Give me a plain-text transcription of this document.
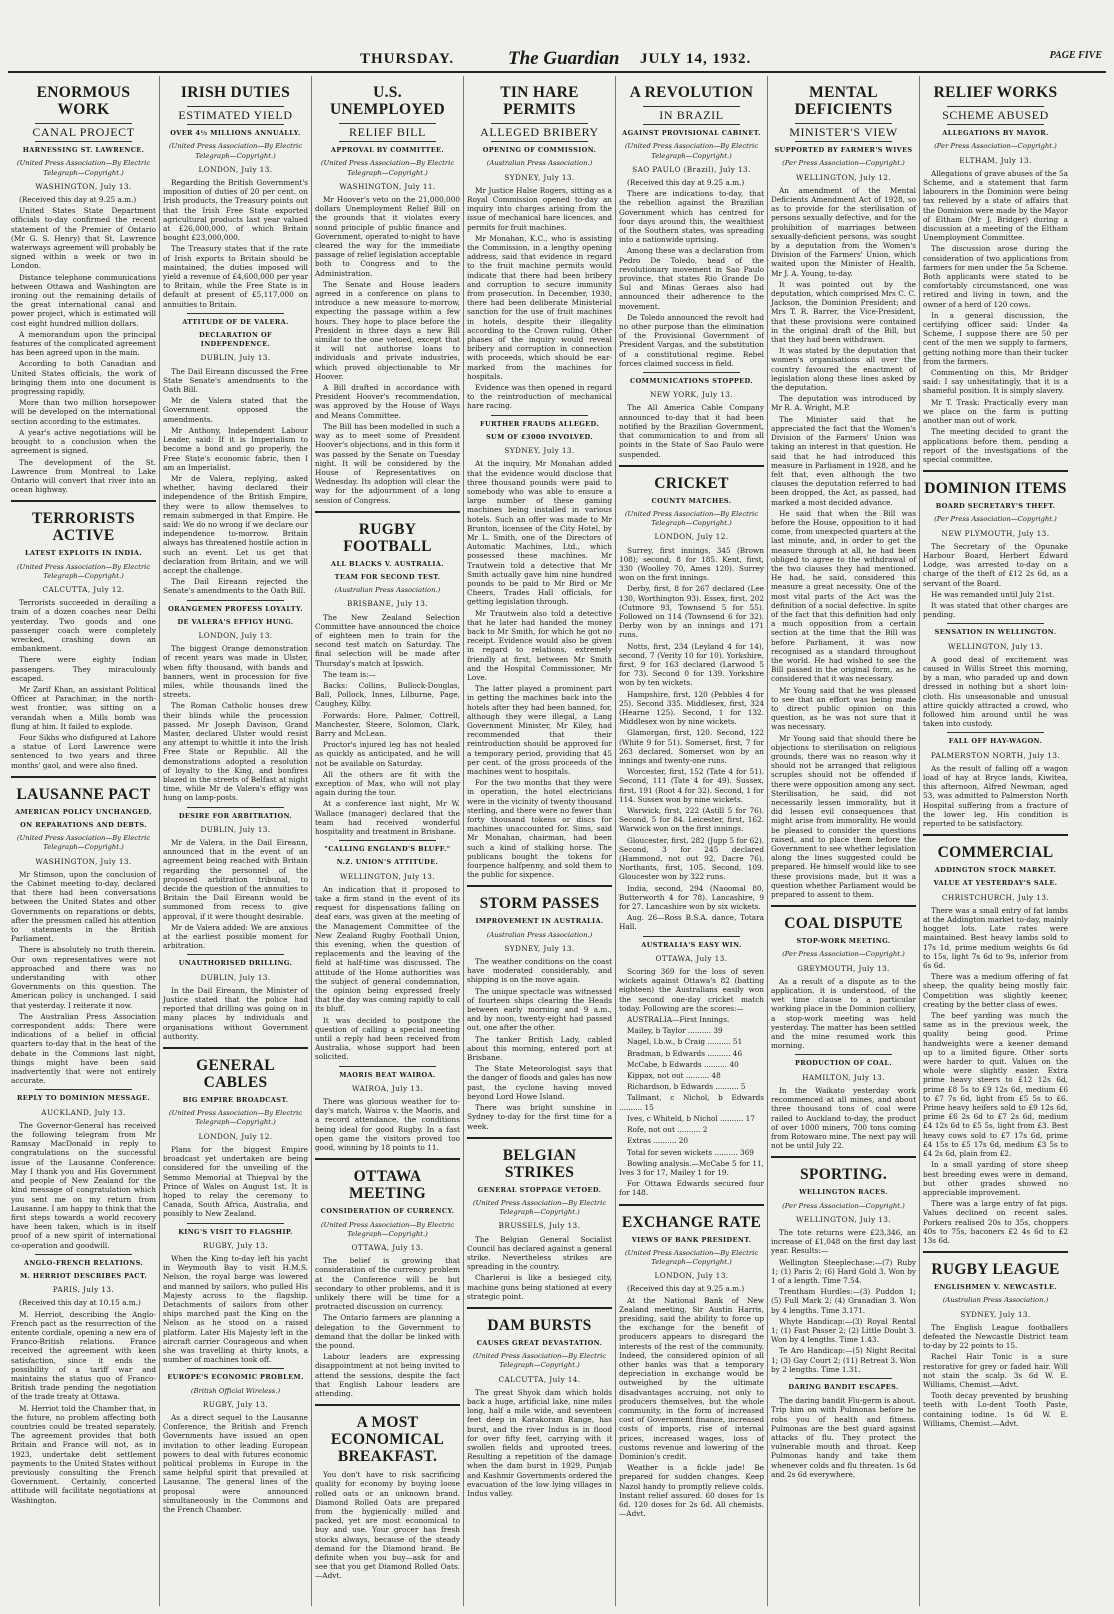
THURSDAY.	The Guardian JULY 14, 1932.	PAGE FIVE
ENORMOUS WORK
CANAL PROJECT
HARNESSING ST. LAWRENCE.
(United Press Association—By Electric Telegraph—Copyright.)
WASHINGTON, July 13.

(Received this day at 9.25 a.m.)

United States State Department officials to-day confirmed the recent statement of the Premier of Ontario (Mr G. S. Henry) that St. Lawrence waterways agreement will probably be signed within a week or two in London.

Distance telephone communications between Ottawa and Washington are ironing out the remaining details of the great international canal and power project, which is estimated will cost eight hundred million dollars.

A memorandum upon the principal features of the complicated agreement has been agreed upon in the main.

According to both Canadian and United States officials, the work of bringing them into one document is progressing rapidly.

More than two million horsepower will be developed on the international section according to the estimates.

A year's active negotiations will be brought to a conclusion when the agreement is signed.

The development of the St. Lawrence from Montreal to Lake Ontario will convert that river into an ocean highway.

TERRORISTS ACTIVE
LATEST EXPLOITS IN INDIA.
(United Press Association—By Electric Telegraph—Copyright.)
CALCUTTA, July 12.

Terrorists succeeded in derailing a train of a dozen coaches near Delhi yesterday. Two goods and one passenger coach were completely wrecked, crashing down an embankment.

There were eighty Indian passengers. They miraculously escaped.

Mr Zarif Khan, an assistant Political Officer at Parachinar, in the north-west frontier, was sitting on a verandah when a Mills bomb was flung at him. It failed to explode.

Four Sikhs who disfigured at Lahore a statue of Lord Lawrence were sentenced to two years and three months' gaol, and were also fined.

LAUSANNE PACT
AMERICAN POLICY UNCHANGED.
ON REPARATIONS AND DEBTS.
(United Press Association—By Electric Telegraph—Copyright.)
WASHINGTON, July 13.

Mr Stimson, upon the conclusion of the Cabinet meeting to-day, declared that there had been conversations between the United States and other Governments on reparations or debts, after the pressmen called his attention to statements in the British Parliament.

There is absolutely no truth therein. Our own representatives were not approached and there was no understanding with other Governments on this question. The American policy is unchanged. I said that yesterday. I reiterate it now.

The Australian Press Association correspondent adds: There were indications of a belief in official quarters to-day that in the heat of the debate in the Commons last night, things might have been said inadvertently that were not entirely accurate.

REPLY TO DOMINION MESSAGE.
AUCKLAND, July 13.

The Governor-General has received the following telegram from Mr Ramsay MacDonald in reply to congratulations on the successful issue of the Lausanne Conference: May I thank you and His Government and people of New Zealand for the kind message of congratulation which you sent me on my return from Lausanne. I am happy to think that the first steps towards a world recovery have been taken, which is in itself proof of a new spirit of international co-operation and goodwill.

ANGLO-FRENCH RELATIONS.
M. HERRIOT DESCRIBES PACT.
PARIS, July 13.

(Received this day at 10.15 a.m.)

M. Herriot, describing the Anglo-French pact as the resurrection of the entente cordiale, opening a new era of Franco-British relations. France received the agreement with keen satisfaction, since it ends the possibility of a tariff war and maintains the status quo of Franco-British trade pending the negotiation of the trade treaty at Ottawa.

M. Herriot told the Chamber that, in the future, no problem affecting both countries could be treated separately. The agreement provides that both Britain and France will not, as in 1923, undertake debt settlement payments to the United States without previously consulting the French Government. Certainly, concerted attitude will facilitate negotiations at Washington.

IRISH DUTIES
ESTIMATED YIELD
OVER 4½ MILLIONS ANNUALLY.
(United Press Association—By Electric Telegraph—Copyright.)
LONDON, July 13.

Regarding the British Government's imposition of duties of 20 per cent. on Irish products, the Treasury points out that the Irish Free State exported agricultural products last year valued at £26,000,000, of which Britain bought £23,000,000.

The Treasury states that if the rate of Irish exports to Britain should be maintained, the duties imposed will yield a revenue of £4,600,000 per year to Britain, while the Free State is in default at present of £5,117,000 on annuities to Britain.

ATTITUDE OF DE VALERA.
DECLARATION OF INDEPENDENCE.
DUBLIN, July 13.

The Dail Eireann discussed the Free State Senate's amendments to the Oath Bill.

Mr de Valera stated that the Government opposed the amendments.

Mr Anthony, Independent Labour Leader, said: If it is Imperialism to become a bond and go properly, the Free State's economic fabric, then I am an Imperialist.

Mr de Valera, replying, asked whether, having declared their independence of the British Empire, they were to allow themselves to remain submerged in that Empire. He said: We do no wrong if we declare our independence to-morrow. Britain always has threatened hostile action in such an event. Let us get that declaration from Britain, and we will accept the challenge.

The Dail Eireann rejected the Senate's amendments to the Oath Bill.

ORANGEMEN PROFESS LOYALTY.
DE VALERA'S EFFIGY HUNG.
LONDON, July 13.

The biggest Orange demonstration of recent years was made in Ulster, when fifty thousand, with bands and banners, went in procession for five miles, while thousands lined the streets.

The Roman Catholic houses drew their blinds while the procession passed. Mr Joseph Davison, Grand Master, declared Ulster would resist any attempt to whittle it into the Irish Free State or Republic. All the demonstrations adopted a resolution of loyalty to the King, and bonfires blazed in the streets of Belfast at night time, while Mr de Valera's effigy was hung on lamp-posts.

DESIRE FOR ARBITRATION.
DUBLIN, July 13.

Mr de Valera, in the Dail Eireann, announced that in the event of an agreement being reached with Britain regarding the personnel of the proposed arbitration tribunal, to decide the question of the annuities to Britain the Dail Eireann would be summoned from recess to give approval, if it were thought desirable.

Mr de Valera added: We are anxious at the earliest possible moment for arbitration.

UNAUTHORISED DRILLING.
DUBLIN, July 13.

In the Dail Eireann, the Minister of Justice stated that the police had reported that drilling was going on in many places by individuals and organisations without Government authority.

GENERAL CABLES
BIG EMPIRE BROADCAST.
(United Press Association—By Electric Telegraph—Copyright.)
LONDON, July 12.

Plans for the biggest Empire broadcast yet undertaken are being considered for the unveiling of the Semmo Memorial at Thiepval by the Prince of Wales on August 1st. It is hoped to relay the ceremony to Canada, South Africa, Australia, and possibly to New Zealand.

KING'S VISIT TO FLAGSHIP.
RUGBY, July 13.

When the King to-day left his yacht in Weymouth Bay to visit H.M.S. Nelson, the royal barge was lowered and manned by sailors, who pulled His Majesty across to the flagship. Detachments of sailors from other ships marched past the King on the Nelson as he stood on a raised platform. Later His Majesty left in the aircraft carrier Courageous and when she was travelling at thirty knots, a number of machines took off.

EUROPE'S ECONOMIC PROBLEM.
(British Official Wireless.)
RUGBY, July 13.

As a direct sequel to the Lausanne Conference, the British and French Governments have issued an open invitation to other leading European powers to deal with futures economic political problems in Europe in the same helpful spirit that prevailed at Lausanne. The general lines of the proposal were announced simultaneously in the Commons and the French Chamber.

U.S. UNEMPLOYED
RELIEF BILL
APPROVAL BY COMMITTEE.
(United Press Association—By Electric Telegraph—Copyright.)
WASHINGTON, July 11.

Mr Hoover's veto on the 21,000,000 dollars Unemployment Relief Bill on the grounds that it violates every sound principle of public finance and Government, operated to-night to have cleared the way for the immediate passage of relief legislation acceptable both to Congress and to the Administration.

The Senate and House leaders agreed in a conference on plans to introduce a new measure to-morrow, expecting the passage within a few hours. They hope to place before the President in three days a new Bill similar to the one vetoed, except that it will not authorise loans to individuals and private industries, which proved objectionable to Mr Hoover.

A Bill drafted in accordance with President Hoover's recommendation, was approved by the House of Ways and Means Committee.

The Bill has been modelled in such a way as to meet some of President Hoover's objections, and in this form it was passed by the Senate on Tuesday night. It will be considered by the House of Representatives on Wednesday. Its adoption will clear the way for the adjournment of a long session of Congress.

RUGBY FOOTBALL
ALL BLACKS V. AUSTRALIA.
TEAM FOR SECOND TEST.
(Australian Press Association.)
BRISBANE, July 13.

The New Zealand Selection Committee have announced the choice of eighteen men to train for the second test match on Saturday. The final selection will be made after Thursday's match at Ipswich.

The team is:—

Backs: Collins, Bullock-Douglas, Ball, Pollock, Innes, Lilburne, Page, Caughey, Kilby.

Forwards: Hore, Palmer, Cottrell, Manchester, Steere, Solomon, Clark, Barry and McLean.

Proctor's injured leg has not healed as quickly as anticipated, and he will not be available on Saturday.

All the others are fit with the exception of Max, who will not play again during the tour.

At a conference last night, Mr W. Wallace (manager) declared that the team had received wonderful hospitality and treatment in Brisbane.

"CALLING ENGLAND'S BLUFF."
N.Z. UNION'S ATTITUDE.
WELLINGTON, July 13.

An indication that it proposed to take a firm stand in the event of its request for dispensations falling on deaf ears, was given at the meeting of the Management Committee of the New Zealand Rugby Football Union, this evening, when the question of replacements and the leaving of the field at half-time was discussed. The attitude of the Home authorities was the subject of general condemnation, the opinion being expressed freely that the day was coming rapidly to call its bluff.

It was decided to postpone the question of calling a special meeting until a reply had been received from Australia, whose support had been solicited.

MAORIS BEAT WAIROA.
WAIROA, July 13.

There was glorious weather for to-day's match, Wairoa v. the Maoris, and a record attendance, the conditions being ideal for good Rugby. In a fast open game the visitors proved too good, winning by 18 points to 11.

OTTAWA MEETING
CONSIDERATION OF CURRENCY.
(United Press Association—By Electric Telegraph—Copyright.)
OTTAWA, July 13.

The belief is growing that consideration of the currency problem at the Conference will be but secondary to other problems, and it is unlikely there will be time for a protracted discussion on currency.

The Ontario farmers are planning a delegation to the Government to demand that the dollar be linked with the pound.

Labour leaders are expressing disappointment at not being invited to attend the sessions, despite the fact that English Labour leaders are attending.

A MOST ECONOMICAL BREAKFAST.

You don't have to risk sacrificing quality for economy by buying loose rolled oats or an unknown brand. Diamond Rolled Oats are prepared from the hygienically milled and packed, yet are most economical to buy and use. Your grocer has fresh stocks always, because of the steady demand for the Diamond brand. Be definite when you buy—ask for and see that you get Diamond Rolled Oats.—Advt.

TIN HARE PERMITS
ALLEGED BRIBERY
OPENING OF COMMISSION.
(Australian Press Association.)
SYDNEY, July 13.

Mr Justice Halse Rogers, sitting as a Royal Commission opened to-day an inquiry into charges arising from the issue of mechanical hare licences, and permits for fruit machines.

Mr Monahan, K.C., who is assisting the Commission, in a lengthy opening address, said that evidence in regard to the fruit machine permits would indicate that there had been bribery and corruption to secure immunity from prosecution. In December, 1930, there had been deliberate Ministerial sanction for the use of fruit machines in hotels, despite their illegality according to the Crown ruling. Other phases of the inquiry would reveal bribery and corruption in connection with proceeds, which should be ear-marked from the machines for hospitals.

Evidence was then opened in regard to the reintroduction of mechanical hare racing.

FURTHER FRAUDS ALLEGED.
SUM OF £3000 INVOLVED.
SYDNEY, July 13.

At the inquiry, Mr Monahan added that the evidence would disclose that three thousand pounds were paid to somebody who was able to ensure a large number of these gaming machines being installed in various hotels. Such an offer was made to Mr Brunton, licensee of the City Hotel, by Mr L. Smith, one of the Directors of Automatic Machines, Ltd., which possessed these machines. Mr Trautwein told a detective that Mr Smith actually gave him nine hundred pounds to be paid to Mr Bird or Mr Cheers, Trades Hall officials, for getting legislation through.

Mr Trautwein also told a detective that he later had handed the money back to Mr Smith, for which he got no receipt. Evidence would also be given in regard to relations, extremely friendly at first, between Mr Smith and the Hospital Commissioner, Mr Love.

The latter played a prominent part in getting the machines back into the hotels after they had been banned, for, although they were illegal, a Lang Government Minister, Mr Kiley, had recommended that their reintroduction should be approved for a temporary period, providing that 45 per cent. of the gross proceeds of the machines went to hospitals.

For the two months that they were in operation, the hotel electricians were in the vicinity of twenty thousand sterling, and there were no fewer than forty thousand tokens or discs for machines unaccounted for. Sims, said Mr Monahan, chairman, had been such a kind of stalking horse. The publicans bought the tokens for fourpence halfpenny, and sold them to the public for sixpence.

STORM PASSES
IMPROVEMENT IN AUSTRALIA.
(Australian Press Association.)
SYDNEY, July 13.

The weather conditions on the coast have moderated considerably, and shipping is on the move again.

The unique spectacle was witnessed of fourteen ships clearing the Heads between early morning and 9 a.m., and by noon, twenty-eight had passed out, one after the other.

The tanker British Lady, cabled about this morning, entered port at Brisbane.

The State Meteorologist says that the danger of floods and gales has now past, the cyclone having moved beyond Lord Howe Island.

There was bright sunshine in Sydney to-day for the first time for a week.

BELGIAN STRIKES
GENERAL STOPPAGE VETOED.
(United Press Association—By Electric Telegraph—Copyright.)
BRUSSELS, July 13.

The Belgian General Socialist Council has declared against a general strike. Nevertheless strikes are spreading in the country.

Charleroi is like a besieged city, machine guns being stationed at every strategic point.

DAM BURSTS
CAUSES GREAT DEVASTATION.
(United Press Association—By Electric Telegraph—Copyright.)
CALCUTTA, July 14.

The great Shyok dam which holds back a huge, artificial lake, nine miles long, half a mile wide, and seventeen feet deep in Karakoram Range, has burst, and the river Indus is in flood for over fifty feet, carrying with it swollen fields and uprooted trees. Resulting a repetition of the damage when the dam burst in 1929, Punjab and Kashmir Governments ordered the evacuation of the low lying villages in Indus valley.

A REVOLUTION
IN BRAZIL
AGAINST PROVISIONAL CABINET.
(United Press Association—By Electric Telegraph—Copyright.)
SAO PAULO (Brazil), July 13.

(Received this day at 9.25 a.m.)

There are indications to-day, that the rebellion against the Brazilian Government which has centred for four days around this, the wealthiest of the Southern states, was spreading into a nationwide uprising.

Among these was a declaration from Pedro De Toledo, head of the revolutionary movement in Sao Paulo province, that states Rio Grande Do Sul and Minas Geraes also had announced their adherence to the movement.

De Toledo announced the revolt had no other purpose than the elimination of the Provisional Government of President Vargas, and the substitution of a constitutional regime. Rebel forces claimed success in field.

COMMUNICATIONS STOPPED.
NEW YORK, July 13.

The All America Cable Company announced to-day that it had been notified by the Brazilian Government, that communication to and from all points in the State of Sao Paulo were suspended.

CRICKET
COUNTY MATCHES.
(United Press Association—By Electric Telegraph—Copyright.)
LONDON, July 12.

Surrey, first innings, 345 (Brown 108); second, 8 for 185. Kent, first, 330 (Woolley 70, Ames 120). Surrey won on the first innings.

Derby, first, 8 for 267 declared (Lee 130, Worthington 93). Essex, first, 202 (Cutmore 93, Townsend 5 for 55). Followed on 114 (Townsend 6 for 32). Derby won by an innings and 171 runs.

Notts, first, 234 (Leyland 4 for 14), second, 7 (Verity 10 for 10). Yorkshire, first, 9 for 163 declared (Larwood 5 for 73). Second 0 for 139. Yorkshire won by ten wickets.

Hampshire, first, 120 (Pebbles 4 for 25). Second 335. Middlesex, first, 324 (Hearne 125). Second, 1 for 132. Middlesex won by nine wickets.

Glamorgan, first, 120. Second, 122 (White 9 for 51). Somerset, first, 7 for 263 declared. Somerset won by an innings and twenty-one runs.

Worcester, first, 152 (Tate 4 for 51). Second, 111 (Tate 4 for 49). Sussex, first, 191 (Root 4 for 32). Second, 1 for 114. Sussex won by nine wickets.

Warwick, first, 222 (Astill 5 for 76). Second, 5 for 84. Leicester, first, 162. Warwick won on the first innings.

Gloucester, first, 282 (Jupp 5 for 62). Second, 3 for 245 declared (Hammond, not out 92, Dacre 76). Northants, first, 105. Second, 109. Gloucester won by 322 runs.

India, second, 294 (Naoomal 80, Butterworth 4 for 78). Lancashire, 9 for 27. Lancashire won by six wickets.

Aug. 26—Ross B.S.A. dance, Totara Hall.

AUSTRALIA'S EASY WIN.
OTTAWA, July 13.

Scoring 369 for the loss of seven wickets against Ottawa's 82 (batting eighteen) the Australians easily won the second one-day cricket match today. Following are the scores:—

AUSTRALIA—First Innings.

Mailey, b Taylor .......... 39

Nagel, l.b.w., b Craig .......... 51

Bradman, b Edwards .......... 46

McCabe, b Edwards .......... 40

Kippax, not out .......... 48

Richardson, b Edwards .......... 5

Tallmant, c Nichol, b Edwards .......... 15

Ives, c Whiteld, b Nichol .......... 17

Rofe, not out .......... 2

Extras .......... 20

Total for seven wickets .......... 369

Bowling analysis.—McCabe 5 for 11, Ives 3 for 17, Mailey 1 for 19.

For Ottawa Edwards secured four for 148.

EXCHANGE RATE
VIEWS OF BANK PRESIDENT.
(United Press Association—By Electric Telegraph—Copyright.)
LONDON, July 13.

(Received this day at 9.25 a.m.)

At the National Bank of New Zealand meeting, Sir Austin Harris, presiding, said the ability to force up the exchange for the benefit of producers appears to disregard the interests of the rest of the community. Indeed, the considered opinion of all other banks was that a temporary depreciation in exchange would be outweighed by the ultimate disadvantages accruing, not only to producers themselves, but the whole community, in the form of increased cost of Government finance, increased costs of imports, rise of internal prices, increased wages, loss of customs revenue and lowering of the Dominion's credit.

Weather is a fickle jade! Be prepared for sudden changes. Keep Nazol handy to promptly relieve colds. Instant relief assured. 60 doses for 1s 6d. 120 doses for 2s 6d. All chemists.—Advt.

MENTAL DEFICIENTS
MINISTER'S VIEW
SUPPORTED BY FARMER'S WIVES
(Per Press Association—Copyright.)
WELLINGTON, July 12.

An amendment of the Mental Deficients Amendment Act of 1928, so as to provide for the sterilisation of persons sexually defective, and for the prohibition of marriages between sexually-deficient persons, was sought by a deputation from the Women's Division of the Farmers' Union, which waited upon the Minister of Health, Mr J. A. Young, to-day.

It was pointed out by the deputation, which comprised Mrs C. C. Jackson, the Dominion President; and Mrs T. R. Barrer, the Vice-President, that these provisions were contained in the original draft of the Bill, but that they had been withdrawn.

It was stated by the deputation that women's organisations all over the country favoured the enactment of legislation along these lines asked by the deputation.

The deputation was introduced by Mr R. A. Wright, M.P.

The Minister said that he appreciated the fact that the Women's Division of the Farmers' Union was taking an interest in that question. He said that he had introduced this measure in Parliament in 1928, and he felt that, even although the two clauses the deputation referred to had been dropped, the Act, as passed, had marked a most decided advance.

He said that when the Bill was before the House, opposition to it had come, from unexpected quarters at the last minute, and, in order to get the measure through at all, he had been obliged to agree to the withdrawal of the two clauses they had mentioned. He had, he said, considered this measure a great necessity. One of the most vital parts of the Act was the definition of a social defective. In spite of the fact that this definition had only a much opposition from a certain section at the time that the Bill was before Parliament, it was now recognised as a standard throughout the world. He had wished to see the Bill passed in the original form, as he considered that it was necessary.

Mr Young said that he was pleased to see that an effort was being made to direct public opinion on this question, as he was not sure that it was necessary.

Mr Young said that should there be objections to sterilisation on religious grounds, there was no reason why it should not be arranged that religious scruples should not be offended if there were opposition among any sect. Sterilisation, he said, did not necessarily lessen immorality, but it did lessen evil consequences that might arise from immorality. He would be pleased to consider the questions raised, and to place them before the Government to see whether legislation along the lines suggested could be prepared. He himself would like to see these provisions made, but it was a question whether Parliament would be prepared to assent to them.

COAL DISPUTE
STOP-WORK MEETING.
(Per Press Association—Copyright.)
GREYMOUTH, July 13.

As a result of a dispute as to the application, it is understood, of the wet time clause to a particular working place in the Dominion colliery, a stop-work meeting was held yesterday. The matter has been settled and the mine resumed work this morning.

PRODUCTION OF COAL.
HAMILTON, July 13.

In the Waikato yesterday work recommenced at all mines, and about three thousand tons of coal were railed to Auckland to-day, the product of over 1000 miners, 700 tons coming from Rotowaro mine. The next pay will not be until July 22.

SPORTING.
WELLINGTON RACES.
(Per Press Association—Copyright.)
WELLINGTON, July 13.

The tote returns were £23,346, an increase of £1,048 on the first day last year. Results:—

Wellington Steeplechase:—(7) Ruby 1; (1) Paris 2; (6) Hard Gold 3. Won by 1 of a length. Time 7.54.

Trentham Hurdles:—(3) Puddon 1; (5) Full Mark 2; (4) Granadian 3. Won by 4 lengths. Time 3.171.

Whyte Handicap:—(3) Royal Rental 1; (1) Fast Passer 2; (2) Little Doubt 3. Won by 4 lengths. Time 1.43.

Te Aro Handicap:—(5) Night Recital 1; (3) Gay Court 2; (11) Retreat 3. Won by 2 lengths. Time 1.31.

DARING BANDIT ESCAPES.

The daring bandit Flu-germ is about. Trip him on with Pulmonas before he robs you of health and fitness. Pulmonas are the best guard against attacks of flu. They protect the vulnerable mouth and throat. Keep Pulmonas handy and take them whenever colds and flu threaten. 1s 6d and 2s 6d everywhere.

RELIEF WORKS
SCHEME ABUSED
ALLEGATIONS BY MAYOR.
(Per Press Association—Copyright.)
ELTHAM, July 13.

Allegations of grave abuses of the 5a Scheme, and a statement that farm labourers in the Dominion were being tax relieved by a state of affairs that the Dominion were made by the Mayor of Eltham (Mr J. Bridger) during a discussion at a meeting of the Eltham Unemployment Committee.

The discussion arose during the consideration of two applications from farmers for men under the 5a Scheme. Both applicants were stated to be comfortably circumstanced, one was retired and living in town, and the owner of a herd of 120 cows.

In a general discussion, the certifying officer said: Under 4a Scheme, I suppose there are 50 per cent of the men we supply to farmers, getting nothing more than their tucker from the farmers.

Commenting on this, Mr Bridger said: I say unhesitatingly, that it is a shameful position. It is simply slavery.

Mr T. Trask: Practically every man we place on the farm is putting another man out of work.

The meeting decided to grant the applications before them, pending a report of the investigations of the special committee.

DOMINION ITEMS
BOARD SECRETARY'S THEFT.
(Per Press Association—Copyright.)
NEW PLYMOUTH, July 13.

The Secretary of the Opunake Harbour Board, Herbert Edward Lodge, was arrested to-day on a charge of the theft of £12 2s 6d, as a servant of the Board.

He was remanded until July 21st.

It was stated that other charges are pending.

SENSATION IN WELLINGTON.
WELLINGTON, July 13.

A good deal of excitement was caused in Willis Street this morning, by a man, who paraded up and down dressed in nothing but a short loin-cloth. His unseasonable and unusual attire quickly attracted a crowd, who followed him around until he was taken into custody.

FALL OFF HAY-WAGON.
PALMERSTON NORTH, July 13.

As the result of falling off a wagon load of hay at Bryce lands, Kiwitea, this afternoon, Alfred Newman, aged 53, was admitted to Palmerston North Hospital suffering from a fracture of the lower leg. His condition is reported to be satisfactory.

COMMERCIAL
ADDINGTON STOCK MARKET.
VALUE AT YESTERDAY'S SALE.
CHRISTCHURCH, July 13.

There was a small entry of fat lambs at the Addington market to-day, mainly hogget lots. Late rates were maintained. Best heavy lambs sold to 17s 1d, prime medium weights 6s 6d to 15s, light 7s 6d to 9s, inferior from 6s 6d.

There was a medium offering of fat sheep, the quality being mostly fair. Competition was slightly keener, creating by the better class of ewes.

The beef yarding was much the same as in the previous week, the quality being good. Prime handweights were a keener demand up to a limited figure. Other sorts were harder to quit. Values on the whole were slightly easier. Extra prime heavy steers to £12 12s 6d, prime £8 5s to £9 12s 6d, medium £6 to £7 7s 6d, light from £5 5s to £6. Prime heavy heifers sold to £9 12s 6d, prime £6 2s 6d to £7 2s 6d, medium £4 12s 6d to £5 5s, light from £3. Best heavy cows sold to £7 17s 6d, prime £4 15s to £5 17s 6d, medium £3 5s to £4 2s 6d, plain from £2.

In a small yarding of store sheep best breeding ewes were in demand, but other grades showed no appreciable improvement.

There was a large entry of fat pigs. Values declined on recent sales. Porkers realised 20s to 35s, choppers 40s to 75s, baconers £2 4s 6d to £2 13s 6d.

RUGBY LEAGUE
ENGLISHMEN V. NEWCASTLE.
(Australian Press Association.)
SYDNEY, July 13.

The English League footballers defeated the Newcastle District team to-day by 22 points to 15.

Rachel Hair Tonic is a sure restorative for grey or faded hair. Will not stain the scalp. 3s 6d W. E. Williams, Chemist.—Advt.

Tooth decay prevented by brushing teeth with Lo-dent Tooth Paste, containing iodine. 1s 6d W. E. Williams, Chemist.—Advt.
